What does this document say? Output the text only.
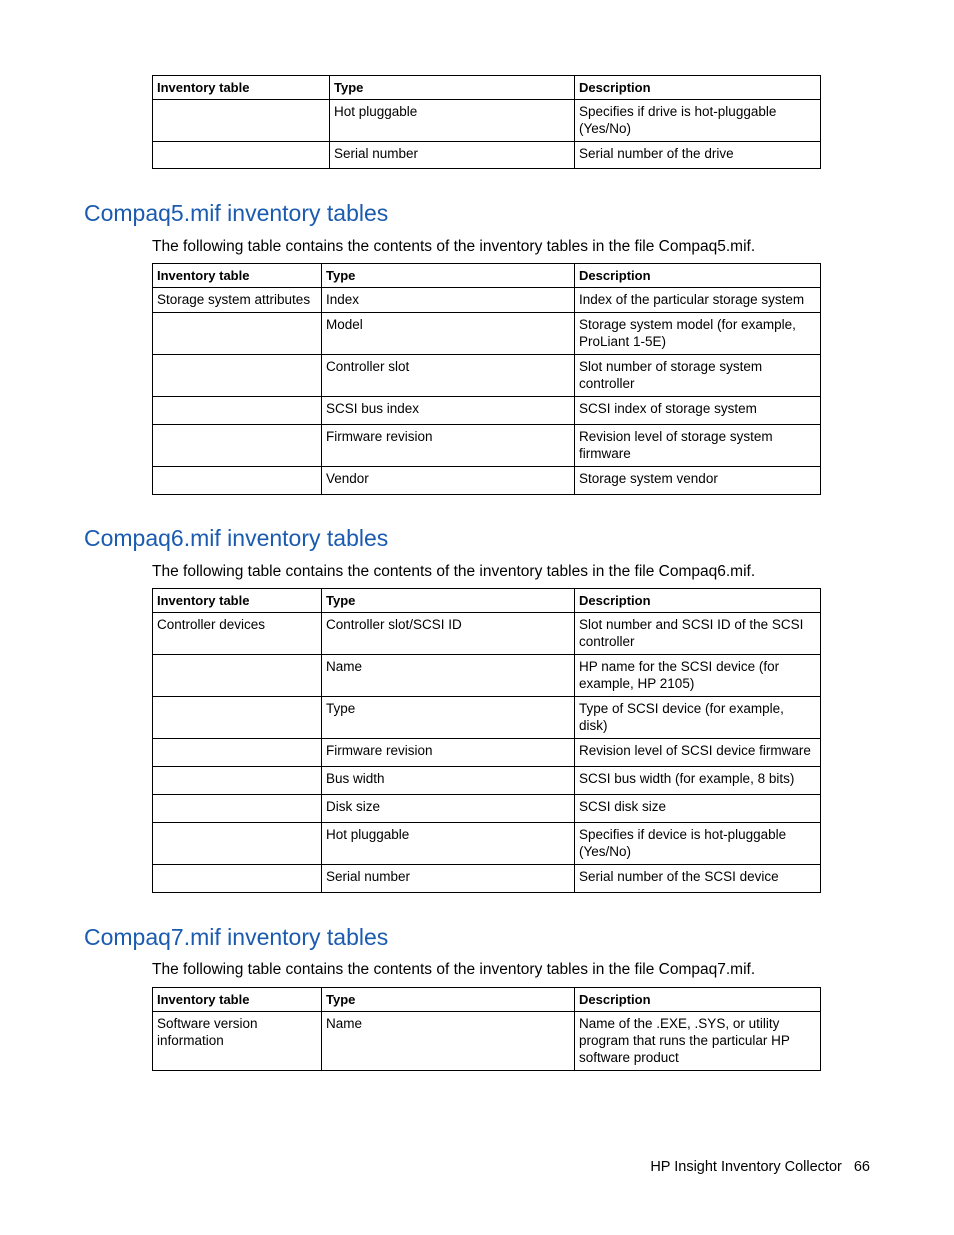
Inventory table	Type	Description
	Hot pluggable	Specifies if drive is hot-pluggable (Yes/No)
	Serial number	Serial number of the drive
Compaq5.mif inventory tables

The following table contains the contents of the inventory tables in the file Compaq5.mif.

Inventory table	Type	Description
Storage system attributes	Index	Index of the particular storage system
	Model	Storage system model (for example, ProLiant 1-5E)
	Controller slot	Slot number of storage system controller
	SCSI bus index	SCSI index of storage system
	Firmware revision	Revision level of storage system firmware
	Vendor	Storage system vendor
Compaq6.mif inventory tables

The following table contains the contents of the inventory tables in the file Compaq6.mif.

Inventory table	Type	Description
Controller devices	Controller slot/SCSI ID	Slot number and SCSI ID of the SCSI controller
	Name	HP name for the SCSI device (for example, HP 2105)
	Type	Type of SCSI device (for example, disk)
	Firmware revision	Revision level of SCSI device firmware
	Bus width	SCSI bus width (for example, 8 bits)
	Disk size	SCSI disk size
	Hot pluggable	Specifies if device is hot-pluggable (Yes/No)
	Serial number	Serial number of the SCSI device
Compaq7.mif inventory tables

The following table contains the contents of the inventory tables in the file Compaq7.mif.

Inventory table	Type	Description
Software version information	Name	Name of the .EXE, .SYS, or utility program that runs the particular HP software product
HP Insight Inventory Collector 66
